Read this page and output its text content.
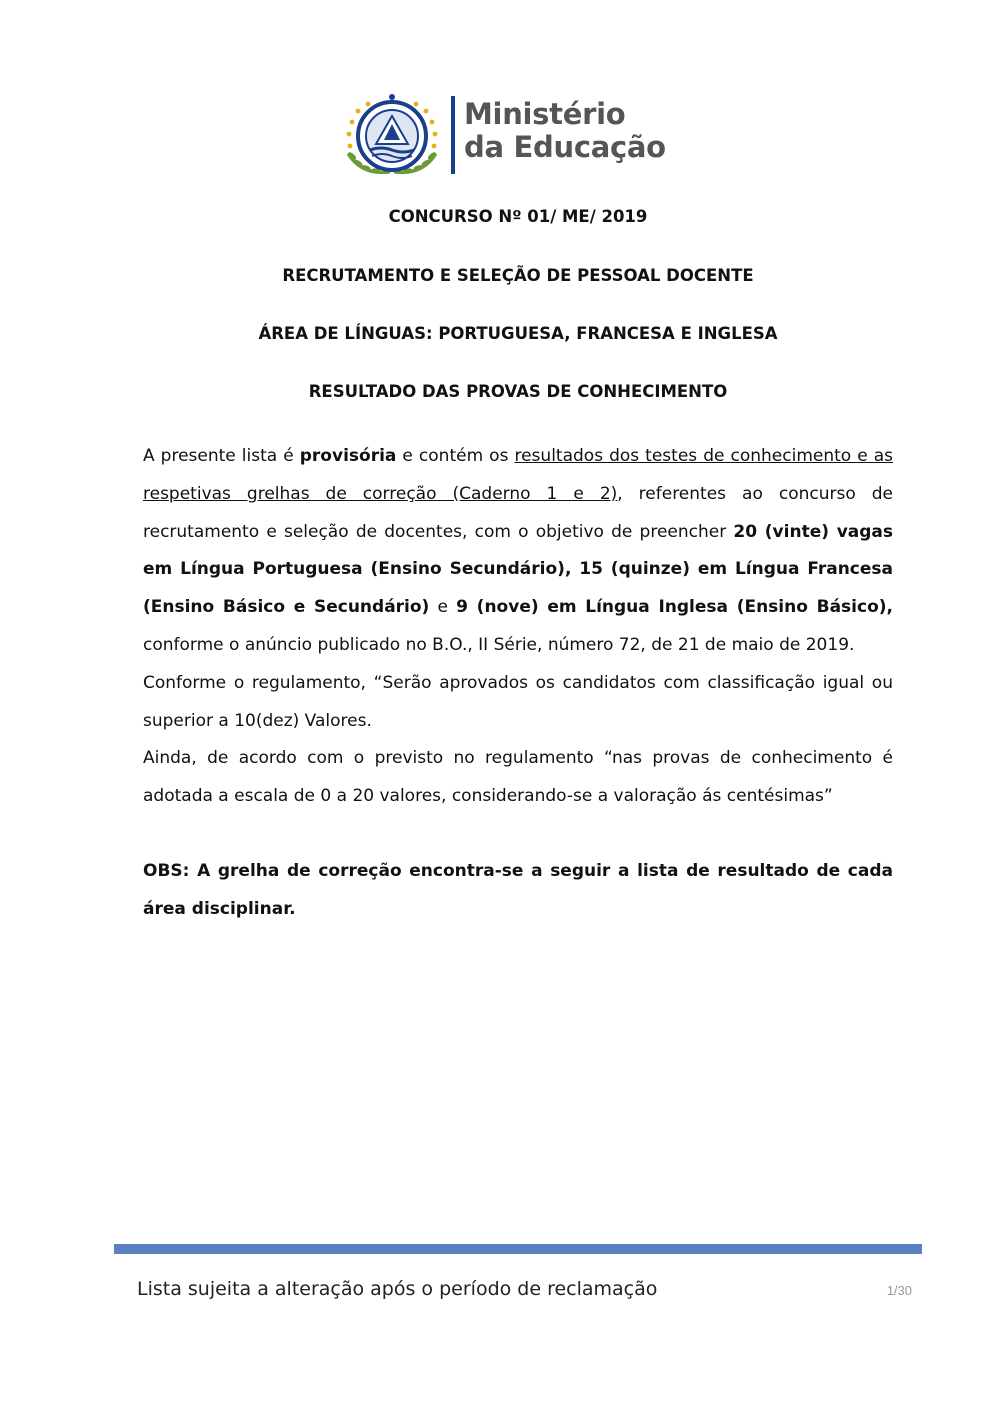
Ministério
da Educação
CONCURSO Nº 01/ ME/ 2019
RECRUTAMENTO E SELEÇÃO DE PESSOAL DOCENTE
ÁREA DE LÍNGUAS: PORTUGUESA, FRANCESA E INGLESA
RESULTADO DAS PROVAS DE CONHECIMENTO

A presente lista é provisória e contém os resultados dos testes de conhecimento e as respetivas grelhas de correção (Caderno 1 e 2), referentes ao concurso de recrutamento e seleção de docentes, com o objetivo de preencher 20 (vinte) vagas em Língua Portuguesa (Ensino Secundário), 15 (quinze) em Língua Francesa (Ensino Básico e Secundário) e 9 (nove) em Língua Inglesa (Ensino Básico), conforme o anúncio publicado no B.O., II Série, número 72, de 21 de maio de 2019.

Conforme o regulamento, “Serão aprovados os candidatos com classificação igual ou superior a 10(dez) Valores.

Ainda, de acordo com o previsto no regulamento “nas provas de conhecimento é adotada a escala de 0 a 20 valores, considerando-se a valoração ás centésimas”

OBS: A grelha de correção encontra-se a seguir a lista de resultado de cada área disciplinar.
Lista sujeita a alteração após o período de reclamação	1/30
